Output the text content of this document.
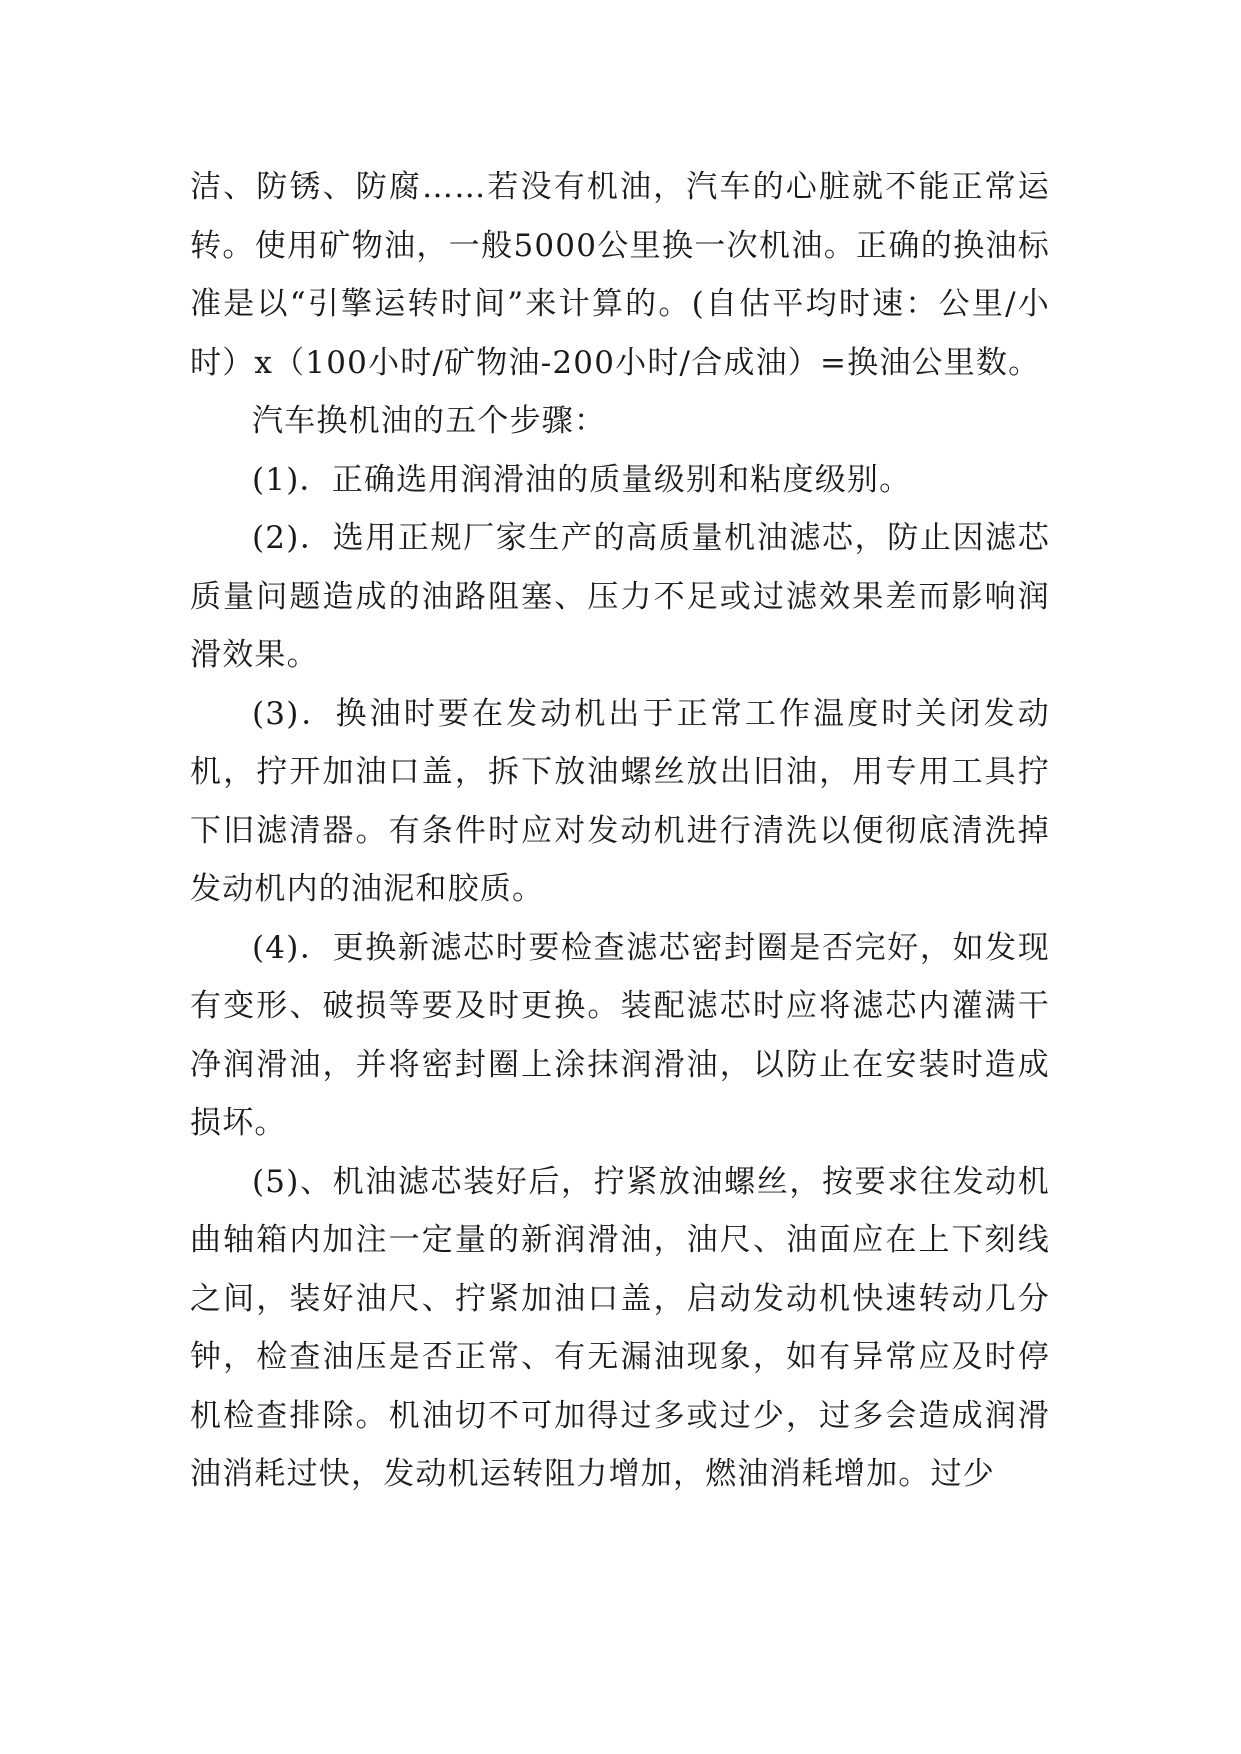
洁、防锈、防腐……若没有机油，汽车的心脏就不能正常运转。使用矿物油，一般5000公里换一次机油。正确的换油标准是以“引擎运转时间”来计算的。(自估平均时速：公里/小时）x（100小时/矿物油-200小时/合成油）=换油公里数。

汽车换机油的五个步骤：

(1)．正确选用润滑油的质量级别和粘度级别。

(2)．选用正规厂家生产的高质量机油滤芯，防止因滤芯质量问题造成的油路阻塞、压力不足或过滤效果差而影响润滑效果。

(3)．换油时要在发动机出于正常工作温度时关闭发动机，拧开加油口盖，拆下放油螺丝放出旧油，用专用工具拧下旧滤清器。有条件时应对发动机进行清洗以便彻底清洗掉发动机内的油泥和胶质。

(4)．更换新滤芯时要检查滤芯密封圈是否完好，如发现有变形、破损等要及时更换。装配滤芯时应将滤芯内灌满干净润滑油，并将密封圈上涂抹润滑油，以防止在安装时造成损坏。

(5)、机油滤芯装好后，拧紧放油螺丝，按要求往发动机曲轴箱内加注一定量的新润滑油，油尺、油面应在上下刻线之间，装好油尺、拧紧加油口盖，启动发动机快速转动几分钟，检查油压是否正常、有无漏油现象，如有异常应及时停机检查排除。机油切不可加得过多或过少，过多会造成润滑油消耗过快，发动机运转阻力增加，燃油消耗增加。过少
